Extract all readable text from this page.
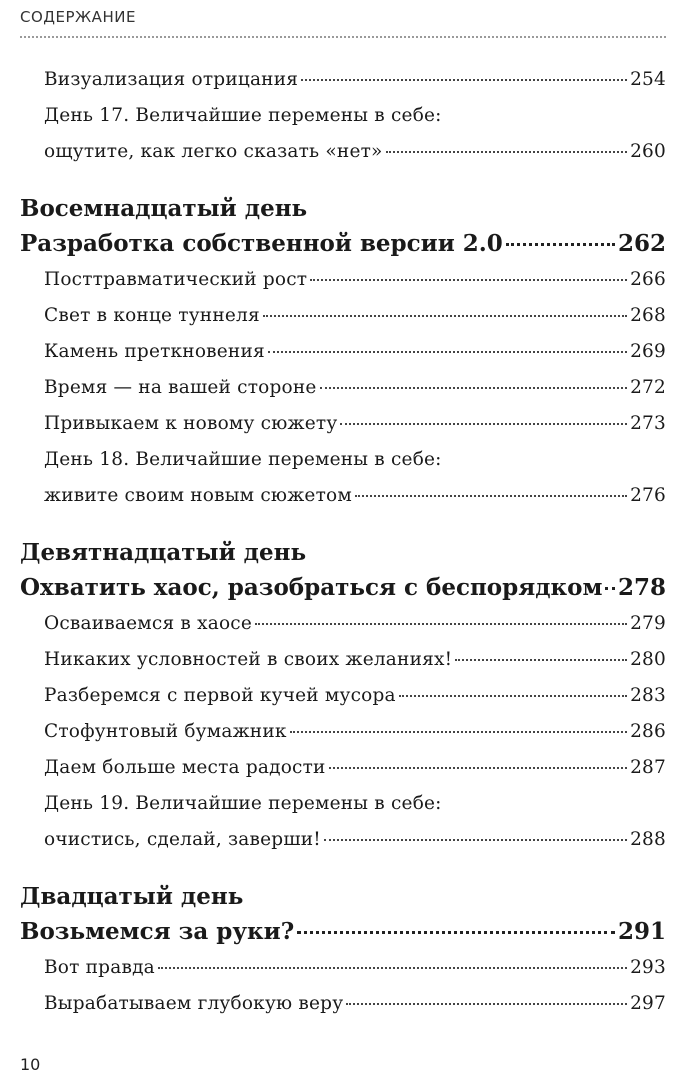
СОДЕРЖАНИЕ
Визуализация отрицания	254
День 17. Величайшие перемены в себе:
ощутите, как легко сказать «нет»	260
Восемнадцатый день
Разработка собственной версии 2.0	262
Посттравматический рост	266
Свет в конце туннеля	268
Камень преткновения	269
Время — на вашей стороне	272
Привыкаем к новому сюжету	273
День 18. Величайшие перемены в себе:
живите своим новым сюжетом	276
Девятнадцатый день
Охватить хаос, разобраться с беспорядком 278
Осваиваемся в хаосе	279
Никаких условностей в своих желаниях!	280
Разберемся с первой кучей мусора	283
Стофунтовый бумажник	286
Даем больше места радости	287
День 19. Величайшие перемены в себе:
очистись, сделай, заверши!	288
Двадцатый день
Возьмемся за руки?	291
Вот правда	293
Вырабатываем глубокую веру	297
10
